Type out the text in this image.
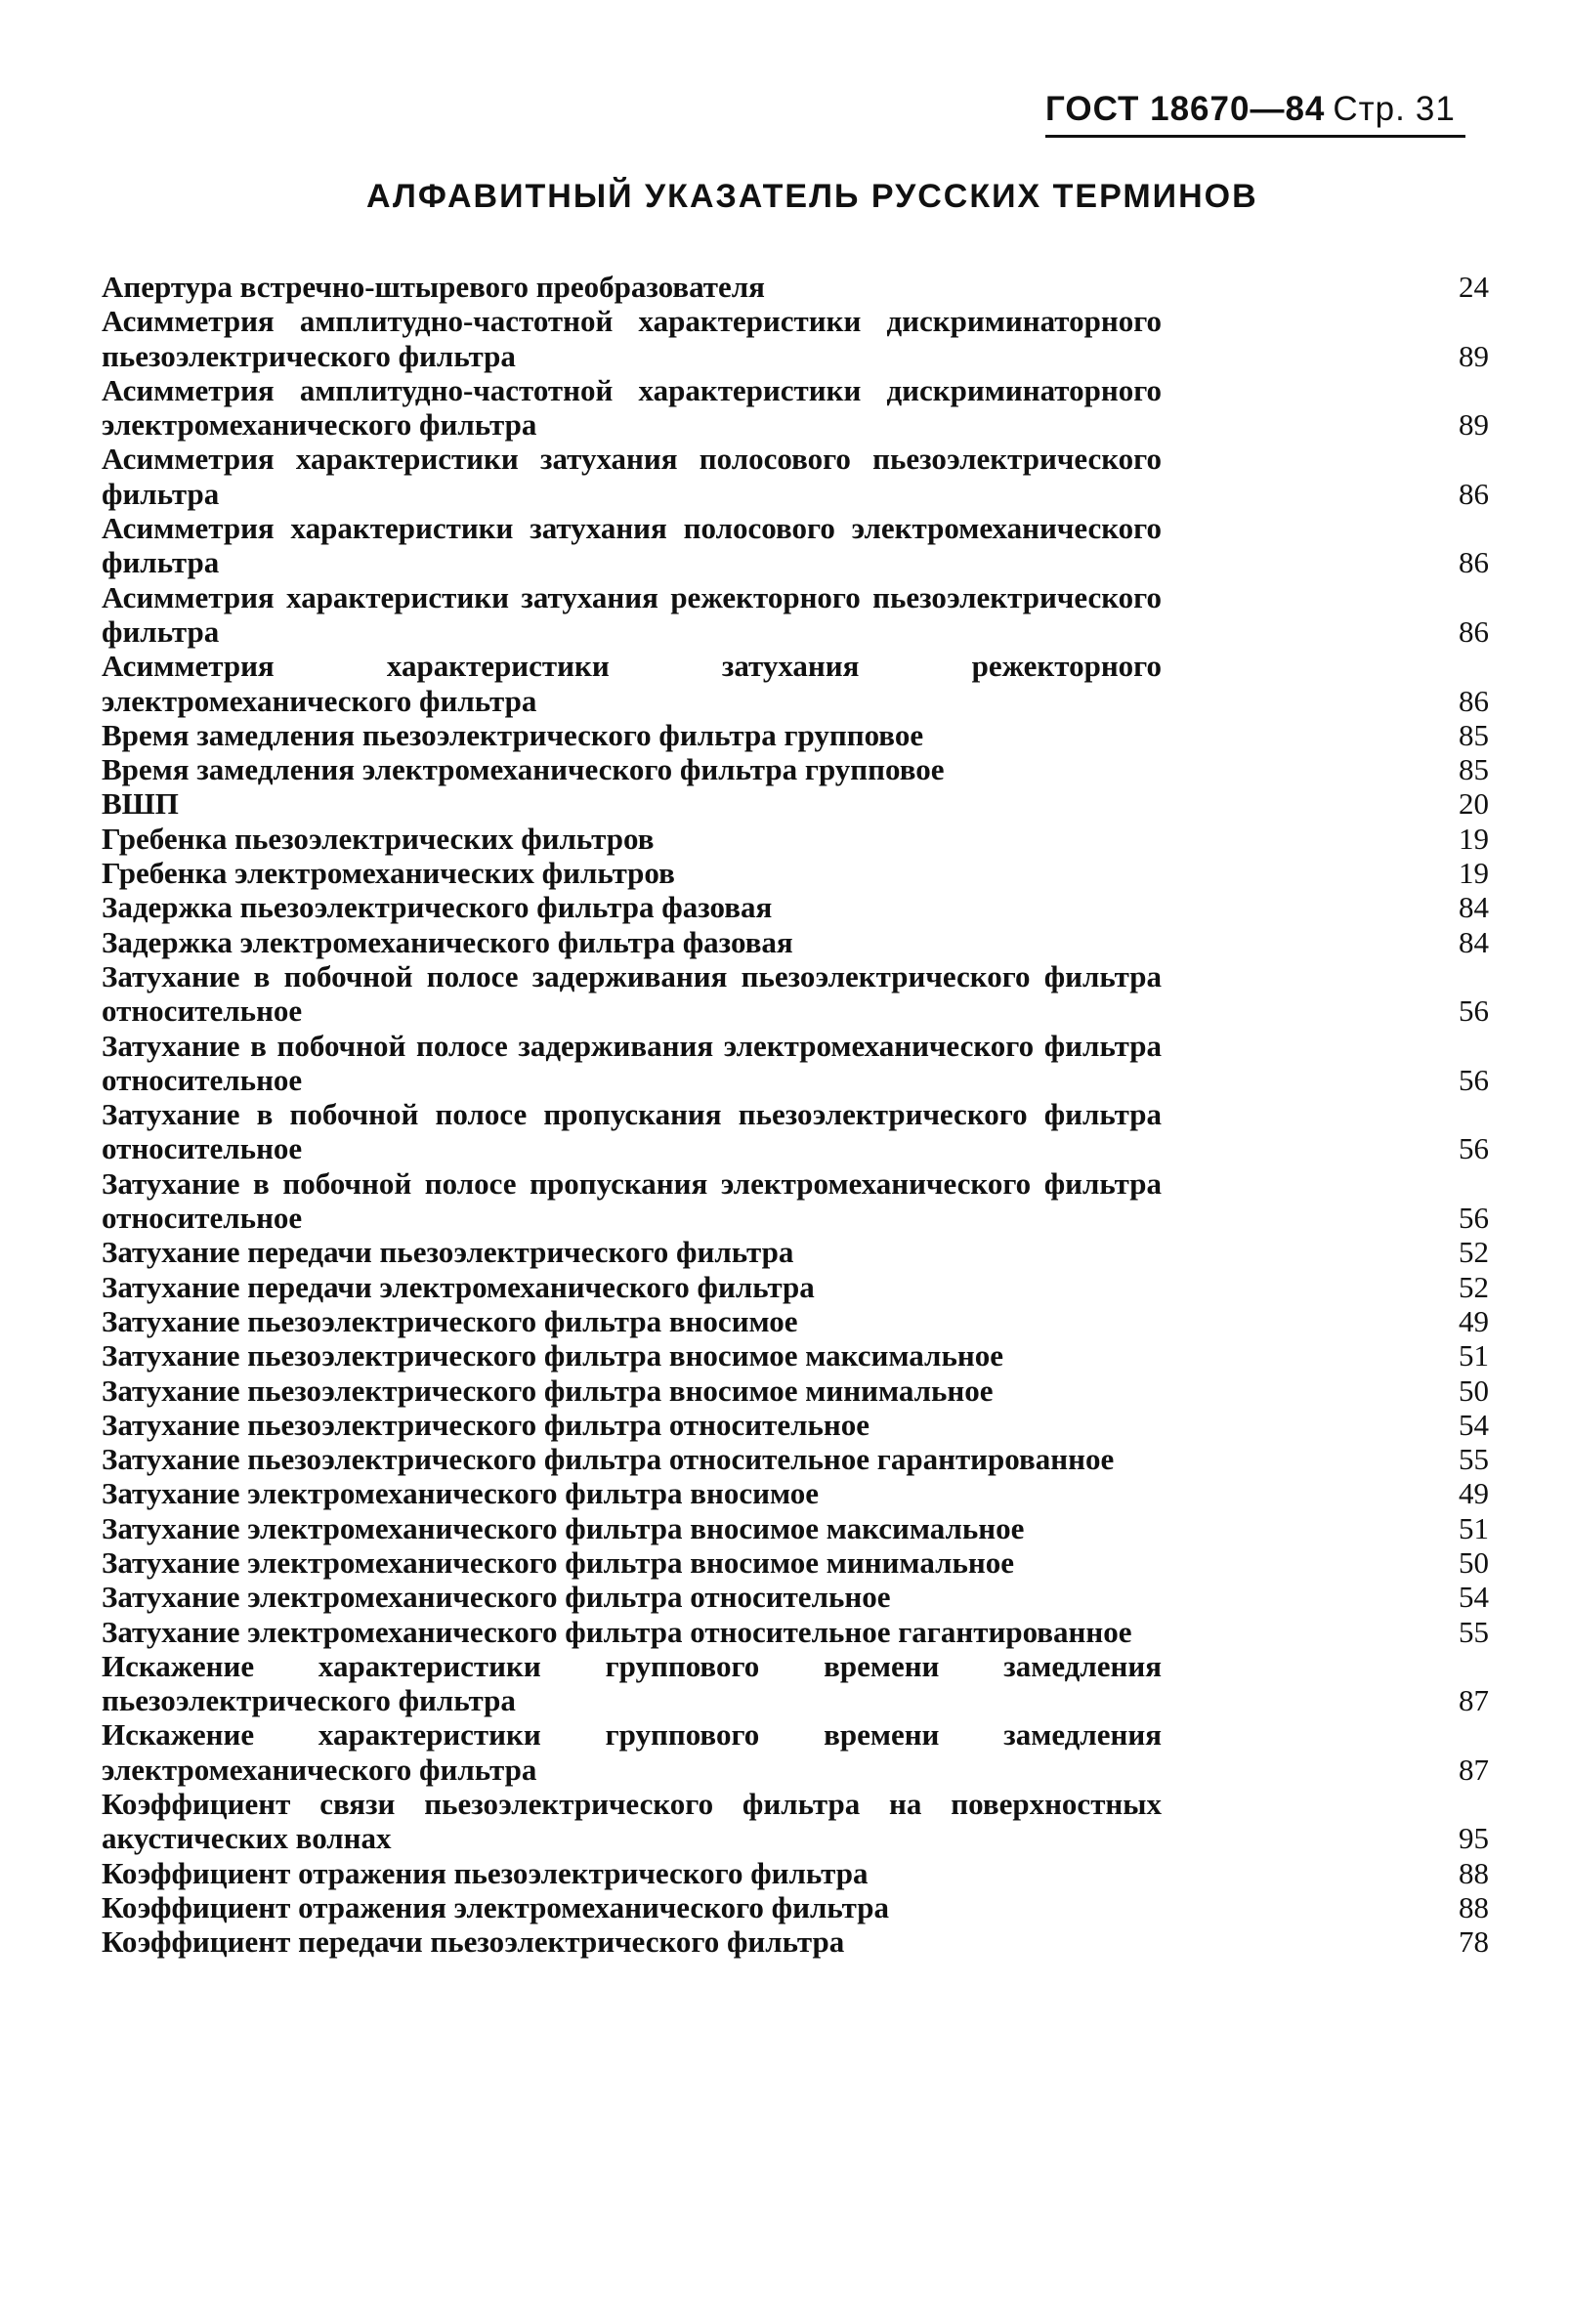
ГОСТ 18670—84 Стр. 31
АЛФАВИТНЫЙ УКАЗАТЕЛЬ РУССКИХ ТЕРМИНОВ
Апертура встречно-штыревого преобразователя	24
Асимметрия амплитудно-частотной характеристики дискриминаторного пьезоэлектрического фильтра	89
Асимметрия амплитудно-частотной характеристики дискриминаторного электромеханического фильтра	89
Асимметрия характеристики затухания полосового пьезоэлектрического фильтра	86
Асимметрия характеристики затухания полосового электромеханического фильтра	86
Асимметрия характеристики затухания режекторного пьезоэлектрического фильтра	86
Асимметрия характеристики затухания режекторного электромеханического фильтра	86
Время замедления пьезоэлектрического фильтра групповое	85
Время замедления электромеханического фильтра групповое	85
ВШП	20
Гребенка пьезоэлектрических фильтров	19
Гребенка электромеханических фильтров	19
Задержка пьезоэлектрического фильтра фазовая	84
Задержка электромеханического фильтра фазовая	84
Затухание в побочной полосе задерживания пьезоэлектрического фильтра относительное	56
Затухание в побочной полосе задерживания электромеханического фильтра относительное	56
Затухание в побочной полосе пропускания пьезоэлектрического фильтра относительное	56
Затухание в побочной полосе пропускания электромеханического фильтра относительное	56
Затухание передачи пьезоэлектрического фильтра	52
Затухание передачи электромеханического фильтра	52
Затухание пьезоэлектрического фильтра вносимое	49
Затухание пьезоэлектрического фильтра вносимое максимальное	51
Затухание пьезоэлектрического фильтра вносимое минимальное	50
Затухание пьезоэлектрического фильтра относительное	54
Затухание пьезоэлектрического фильтра относительное гарантированное	55
Затухание электромеханического фильтра вносимое	49
Затухание электромеханического фильтра вносимое максимальное	51
Затухание электромеханического фильтра вносимое минимальное	50
Затухание электромеханического фильтра относительное	54
Затухание электромеханического фильтра относительное гагантированное	55
Искажение характеристики группового времени замедления пьезоэлектрического фильтра	87
Искажение характеристики группового времени замедления электромеханического фильтра	87
Коэффициент связи пьезоэлектрического фильтра на поверхностных акустических волнах	95
Коэффициент отражения пьезоэлектрического фильтра	88
Коэффициент отражения электромеханического фильтра	88
Коэффициент передачи пьезоэлектрического фильтра	78
